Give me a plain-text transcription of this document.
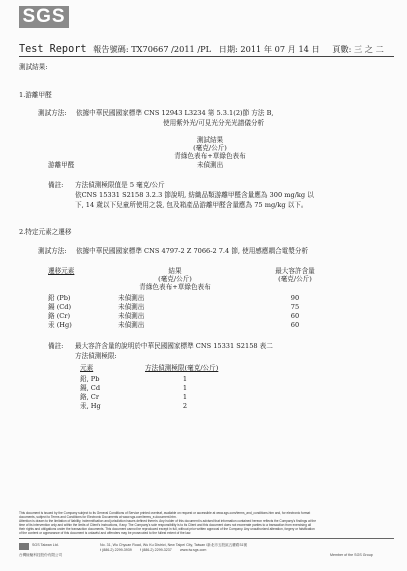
SGS
Test Report 報告號碼: TX70667 /2011 /PL 日期: 2011 年 07 月 14 日 頁數: 三 之 二
測試結果:
1.游離甲醛
測試方法: 依據中華民國國家標準 CNS 12943 L3234 第 5.3.1(2)節 方法 B,
使用紫外光/可見光分光光譜儀分析
測試結果
(毫克/公斤)
青綠色表布+草綠色表布
游離甲醛	未偵測出
備註: 方法偵測極限值是 5 毫克/公斤
依CNS 15331 S2158 3.2.3 節說明, 紡織品類游離甲醛含量應為 300 mg/kg 以
下, 14 歲以下兒童所使用之袋, 包及箱產品游離甲醛含量應為 75 mg/kg 以下。
2.特定元素之遷移
測試方法: 依據中華民國國家標準 CNS 4797-2 Z 7066-2 7.4 節, 使用感應耦合電漿分析
遷移元素	結果
(毫克/公斤)
青綠色表布+草綠色表布
最大容許含量
(毫克/公斤)
鉛 (Pb)	未偵測出	90
鎘 (Cd)	未偵測出	75
鉻 (Cr)	未偵測出	60
汞 (Hg)	未偵測出	60
備註: 最大容許含量的說明於中華民國國家標準 CNS 15331 S2158 表二
方法偵測極限:
元素	方法偵測極限(毫克/公斤)
鉛, Pb	1
鎘, Cd	1
鉻, Cr	1
汞, Hg	2
This document is issued by the Company subject to its General Conditions of Service printed overleaf, available on request or accessible at www.sgs.com/terms_and_conditions.htm and, for electronic format
documents, subject to Terms and Conditions for Electronic Documents at www.sgs.com/terms_e-document.htm.
Attention is drawn to the limitation of liability, indemnification and jurisdiction issues defined therein. Any holder of this document is advised that information contained hereon reflects the Company's findings at the
time of its intervention only and within the limits of Client's instructions, if any. The Company's sole responsibility is to its Client and this document does not exonerate parties to a transaction from exercising all
their rights and obligations under the transaction documents. This document cannot be reproduced except in full, without prior written approval of the Company. Any unauthorized alteration, forgery or falsification
of the content or appearance of this document is unlawful and offenders may be prosecuted to the fullest extent of the law.
SGS Taiwan Ltd.
台灣檢驗科技股份有限公司
No. 31, Wu Chyuan Road, Wu Ku District, New Taipei City, Taiwan /新北市五股區五權路31號
t (886-2) 2299-3939 f (886-2) 2299-3237 www.tw.sgs.com
Member of the SGS Group
